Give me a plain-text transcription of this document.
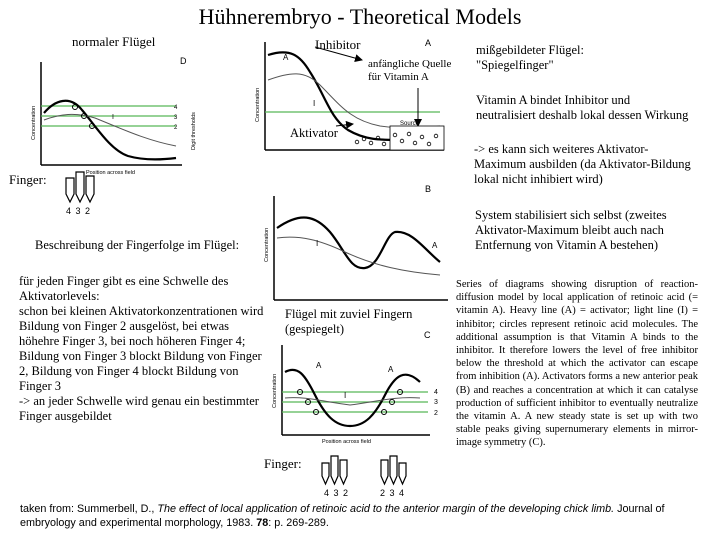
Hühnerembryo - Theoretical Models
normaler Flügel	Inhibitor
anfängliche Quelle
für Vitamin A
mißgebildeter Flügel:
"Spiegelfinger"
Vitamin A bindet Inhibitor und
neutralisiert deshalb lokal dessen Wirkung
Aktivator
-> es kann sich weiteres Aktivator-
Maximum ausbilden (da Aktivator-Bildung
lokal nicht inhibiert wird)
Finger:
4 3 2	System stabilisiert sich selbst (zweites
Aktivator-Maximum bleibt auch nach
Entfernung von Vitamin A bestehen)
Beschreibung der Fingerfolge im Flügel:
für jeden Finger gibt es eine Schwelle des Aktivatorlevels:
schon bei kleinen Aktivatorkonzentrationen wird Bildung von Finger 2 ausgelöst, bei etwas höhehre Finger 3, bei noch höheren Finger 4;
Bildung von Finger 3 blockt Bildung von Finger 2, Bildung von Finger 4 blockt Bildung von Finger 3
-> an jeder Schwelle wird genau ein bestimmter Finger ausgebildet
Flügel mit zuviel Fingern
(gespiegelt)
Finger:
4 3 2	2 3 4
Series of diagrams showing disruption of reaction-diffusion model by local application of retinoic acid (= vitamin A). Heavy line (A) = activator; light line (I) = inhibitor; circles represent retinoic acid molecules. The additional assumption is that Vitamin A binds to the inhibitor. It therefore lowers the level of free inhibitor below the threshold at which the activator can escape from inhibition (A). Activators forms a new anterior peak (B) and reaches a concentration at which it can catalyse production of sufficient inhibitor to eventually neutralize the vitamin A. A new steady state is set up with two stable peaks giving supernumerary elements in mirror-image symmetry (C).
taken from: Summerbell, D., The effect of local application of retinoic acid to the anterior margin of the developing chick limb. Journal of embryology and experimental morphology, 1983. 78: p. 269-289.
D
I
4
3
2
Position across field
Concentration	Digit thresholds	Source
A
A
I
Concentration
B
I	A
Concentration
C
A
I
A
4
3
2
Position across field
Concentration
